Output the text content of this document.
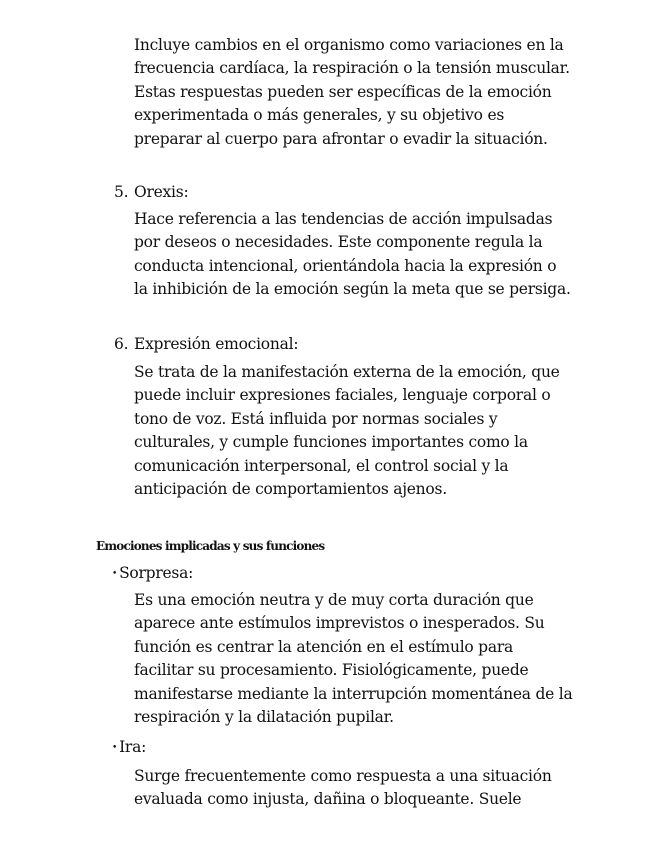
Incluye cambios en el organismo como variaciones en la frecuencia cardíaca, la respiración o la tensión muscular. Estas respuestas pueden ser específicas de la emoción experimentada o más generales, y su objetivo es preparar al cuerpo para afrontar o evadir la situación.

5. Orexis:

Hace referencia a las tendencias de acción impulsadas por deseos o necesidades. Este componente regula la conducta intencional, orientándola hacia la expresión o la inhibición de la emoción según la meta que se persiga.

6. Expresión emocional:

Se trata de la manifestación externa de la emoción, que puede incluir expresiones faciales, lenguaje corporal o tono de voz. Está influida por normas sociales y culturales, y cumple funciones importantes como la comunicación interpersonal, el control social y la anticipación de comportamientos ajenos.

Emociones implicadas y sus funciones
• Sorpresa:

Es una emoción neutra y de muy corta duración que aparece ante estímulos imprevistos o inesperados. Su función es centrar la atención en el estímulo para facilitar su procesamiento. Fisiológicamente, puede manifestarse mediante la interrupción momentánea de la respiración y la dilatación pupilar.

• Ira:

Surge frecuentemente como respuesta a una situación evaluada como injusta, dañina o bloqueante. Suele
